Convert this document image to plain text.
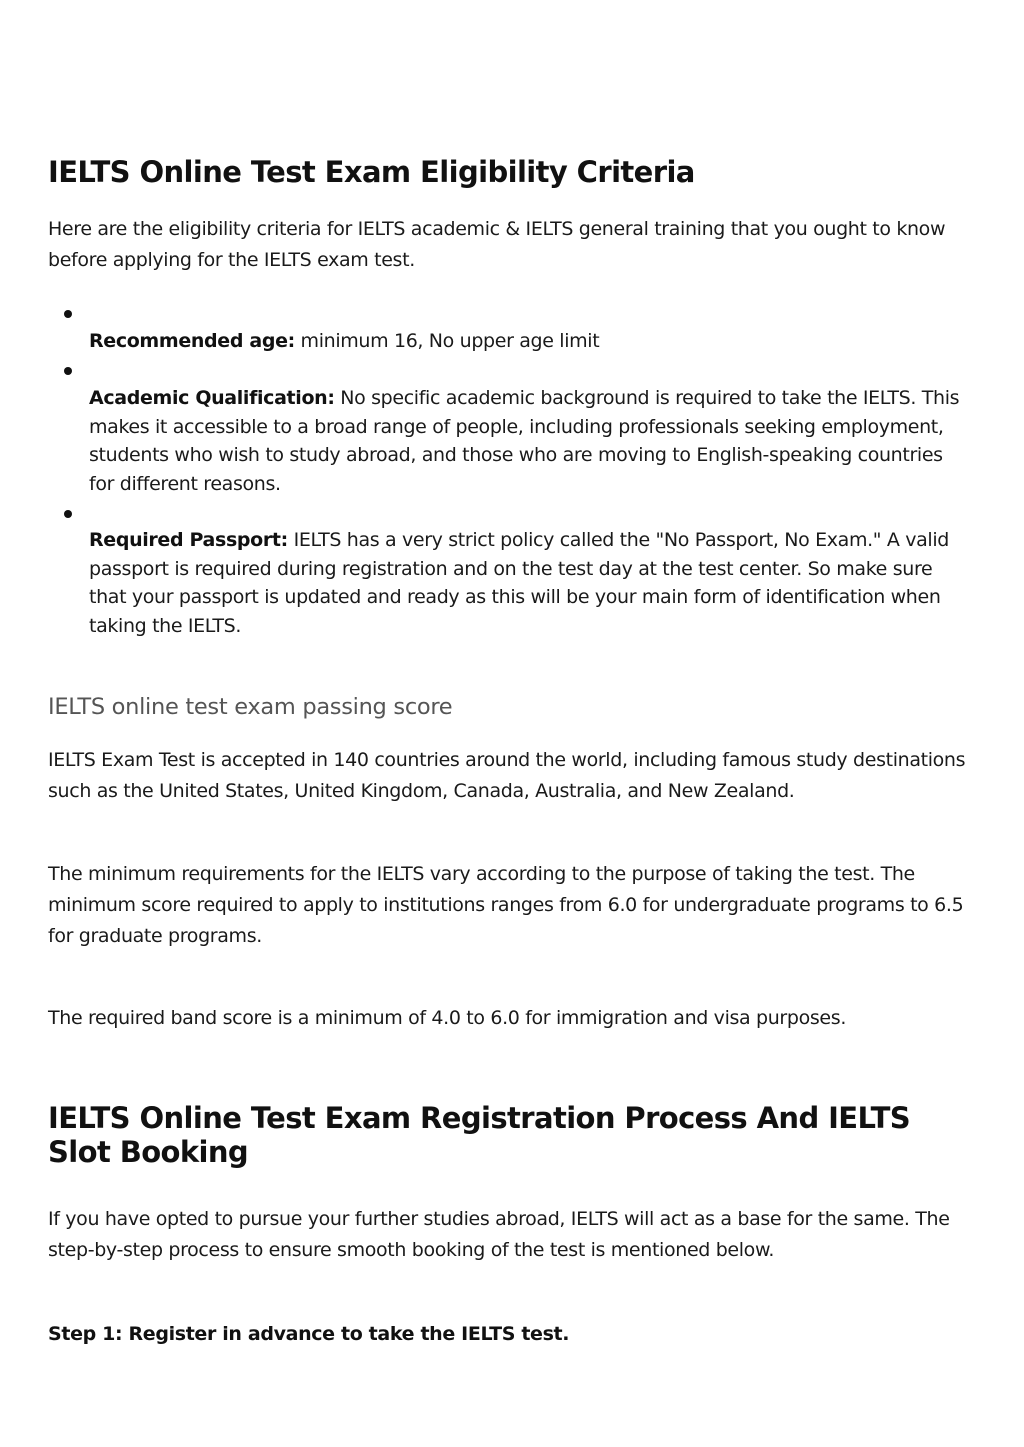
IELTS Online Test Exam Eligibility Criteria

Here are the eligibility criteria for IELTS academic & IELTS general training that you ought to know before applying for the IELTS exam test.

Recommended age: minimum 16, No upper age limit

Academic Qualification: No specific academic background is required to take the IELTS. This makes it accessible to a broad range of people, including professionals seeking employment, students who wish to study abroad, and those who are moving to English-speaking countries for different reasons.

Required Passport: IELTS has a very strict policy called the "No Passport, No Exam." A valid passport is required during registration and on the test day at the test center. So make sure that your passport is updated and ready as this will be your main form of identification when taking the IELTS.

IELTS online test exam passing score

IELTS Exam Test is accepted in 140 countries around the world, including famous study destinations such as the United States, United Kingdom, Canada, Australia, and New Zealand.

The minimum requirements for the IELTS vary according to the purpose of taking the test. The minimum score required to apply to institutions ranges from 6.0 for undergraduate programs to 6.5 for graduate programs.

The required band score is a minimum of 4.0 to 6.0 for immigration and visa purposes.

IELTS Online Test Exam Registration Process And IELTS Slot Booking

If you have opted to pursue your further studies abroad, IELTS will act as a base for the same. The step-by-step process to ensure smooth booking of the test is mentioned below.

Step 1: Register in advance to take the IELTS test.
